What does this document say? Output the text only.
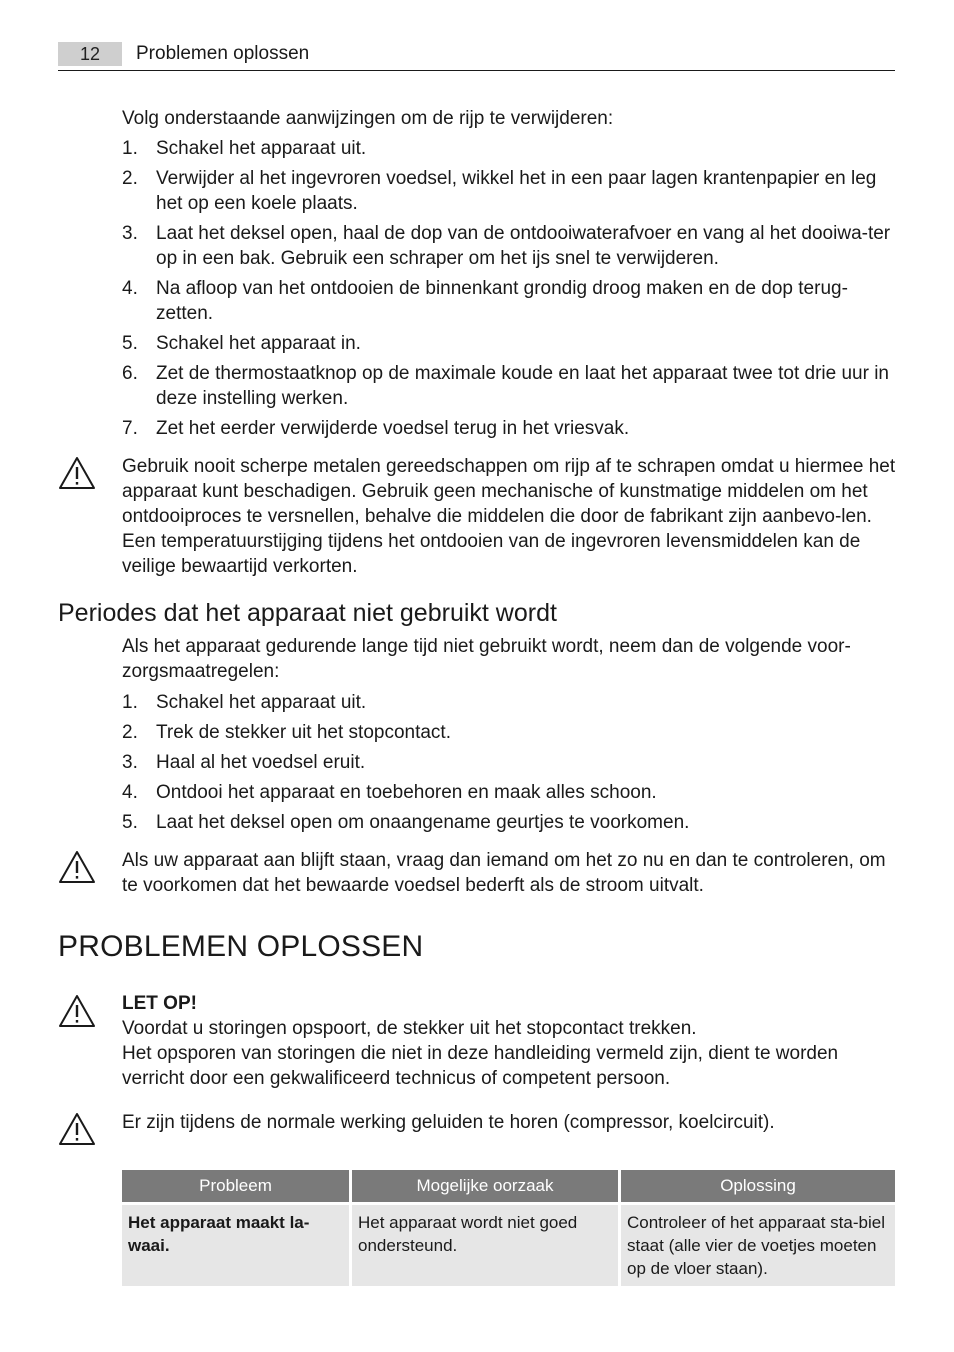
12	Problemen oplossen
Volg onderstaande aanwijzingen om de rijp te verwijderen:
1. Schakel het apparaat uit.
2. Verwijder al het ingevroren voedsel, wikkel het in een paar lagen krantenpapier en leg het op een koele plaats.
3. Laat het deksel open, haal de dop van de ontdooiwaterafvoer en vang al het dooiwa-ter op in een bak. Gebruik een schraper om het ijs snel te verwijderen.
4. Na afloop van het ontdooien de binnenkant grondig droog maken en de dop terug-zetten.
5. Schakel het apparaat in.
6. Zet de thermostaatknop op de maximale koude en laat het apparaat twee tot drie uur in deze instelling werken.
7. Zet het eerder verwijderde voedsel terug in het vriesvak.
Gebruik nooit scherpe metalen gereedschappen om rijp af te schrapen omdat u hiermee het apparaat kunt beschadigen. Gebruik geen mechanische of kunstmatige middelen om het ontdooiproces te versnellen, behalve die middelen die door de fabrikant zijn aanbevo-len. Een temperatuurstijging tijdens het ontdooien van de ingevroren levensmiddelen kan de veilige bewaartijd verkorten.
Periodes dat het apparaat niet gebruikt wordt
Als het apparaat gedurende lange tijd niet gebruikt wordt, neem dan de volgende voor-zorgsmaatregelen:
1. Schakel het apparaat uit.
2. Trek de stekker uit het stopcontact.
3. Haal al het voedsel eruit.
4. Ontdooi het apparaat en toebehoren en maak alles schoon.
5. Laat het deksel open om onaangename geurtjes te voorkomen.
Als uw apparaat aan blijft staan, vraag dan iemand om het zo nu en dan te controleren, om te voorkomen dat het bewaarde voedsel bederft als de stroom uitvalt.
PROBLEMEN OPLOSSEN
LET OP!
Voordat u storingen opspoort, de stekker uit het stopcontact trekken.
Het opsporen van storingen die niet in deze handleiding vermeld zijn, dient te worden verricht door een gekwalificeerd technicus of competent persoon.
Er zijn tijdens de normale werking geluiden te horen (compressor, koelcircuit).
Probleem	Mogelijke oorzaak	Oplossing
Het apparaat maakt la-waai.	Het apparaat wordt niet goed ondersteund.	Controleer of het apparaat sta-biel staat (alle vier de voetjes moeten op de vloer staan).
